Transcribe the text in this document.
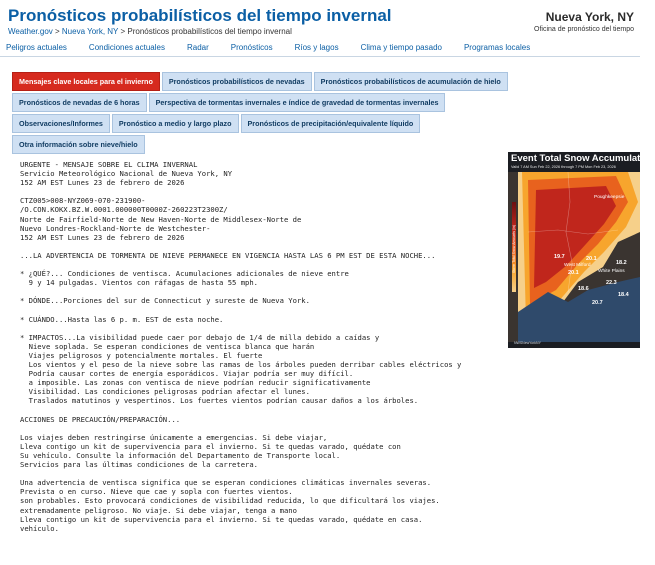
Pronósticos probabilísticos del tiempo invernal
Weather.gov > Nueva York, NY > Pronósticos probabilísticos del tiempo invernal
Nueva York, NY
Oficina de pronóstico del tiempo
Peligros actuales	Condiciones actuales	Radar	Pronósticos	Ríos y lagos	Clima y tiempo pasado	Programas locales
Mensajes clave locales para el invierno	Pronósticos probabilísticos de nevadas	Pronósticos probabilísticos de acumulación de hielo
Pronósticos de nevadas de 6 horas	Perspectiva de tormentas invernales e índice de gravedad de tormentas invernales
Observaciones/Informes	Pronóstico a medio y largo plazo	Pronósticos de precipitación/equivalente líquido
Otra información sobre nieve/hielo
URGENTE - MENSAJE SOBRE EL CLIMA INVERNAL
Servicio Meteorológico Nacional de Nueva York, NY
152 AM EST Lunes 23 de febrero de 2026

CTZ005>008-NYZ069-070-231900-
/O.CON.KOKX.BZ.W.0001.000000T0000Z-260223T2300Z/
Norte de Fairfield-Norte de New Haven-Norte de Middlesex-Norte de
Nuevo Londres-Rockland-Norte de Westchester-
152 AM EST Lunes 23 de febrero de 2026

...LA ADVERTENCIA DE TORMENTA DE NIEVE PERMANECE EN VIGENCIA HASTA LAS 6 PM EST DE ESTA NOCHE...

* ¿QUÉ?... Condiciones de ventisca. Acumulaciones adicionales de nieve entre
9 y 14 pulgadas. Vientos con ráfagas de hasta 55 mph.

* DÓNDE...Porciones del sur de Connecticut y sureste de Nueva York.

* CUÁNDO...Hasta las 6 p. m. EST de esta noche.

* IMPACTOS...La visibilidad puede caer por debajo de 1/4 de milla debido a caídas y
Nieve soplada. Se esperan condiciones de ventisca blanca que harán
Viajes peligrosos y potencialmente mortales. El fuerte
Los vientos y el peso de la nieve sobre las ramas de los árboles pueden derribar cables eléctricos y
Podría causar cortes de energía esporádicos. Viajar podría ser muy difícil.
a imposible. Las zonas con ventisca de nieve podrían reducir significativamente
Visibilidad. Las condiciones peligrosas podrían afectar el lunes.
Traslados matutinos y vespertinos. Los fuertes vientos podrían causar daños a los árboles.

ACCIONES DE PRECAUCIÓN/PREPARACIÓN...

Los viajes deben restringirse únicamente a emergencias. Si debe viajar,
Lleva contigo un kit de supervivencia para el invierno. Si te quedas varado, quédate con
Su vehículo. Consulte la información del Departamento de Transporte local.
Servicios para las últimas condiciones de la carretera.

Una advertencia de ventisca significa que se esperan condiciones climáticas invernales severas.
Prevista o en curso. Nieve que cae y sopla con fuertes vientos.
son probables. Esto provocará condiciones de visibilidad reducida, lo que dificultará los viajes.
extremadamente peligroso. No viaje. Si debe viajar, tenga a mano
Lleva contigo un kit de supervivencia para el invierno. Si te quedas varado, quédate en casa.
vehículo.

Event Total Snow Accumulation
Valid 7 AM Sun Feb 22, 2026 through 7 PM Mon Feb 23, 2026
Poughkeepsie
West Milford
White Plains
19.7	20.1
18.2
20.1
22.3
18.6
18.4
20.7
Storm Total Snow Amounts (in)
NWSNewYorkNY
